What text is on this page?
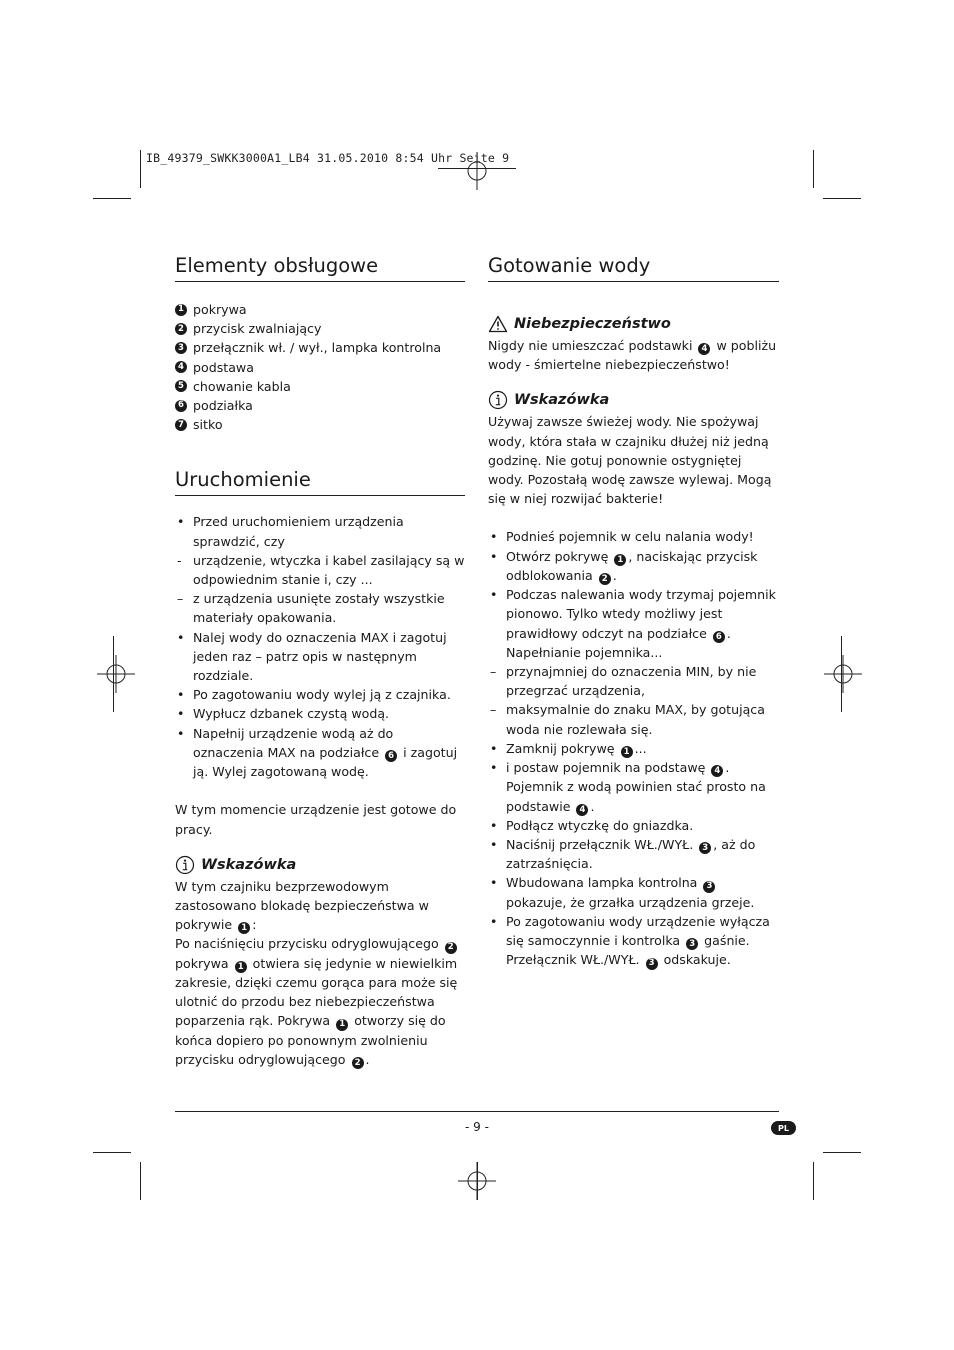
IB_49379_SWKK3000A1_LB4 31.05.2010 8:54 Uhr Seite 9
Elementy obsługowe
1 pokrywa
2 przycisk zwalniający
3 przełącznik wł. / wył., lampka kontrolna
4 podstawa
5 chowanie kabla
6 podziałka
7 sitko
Uruchomienie
• Przed uruchomieniem urządzenia sprawdzić, czy
- urządzenie, wtyczka i kabel zasilający są w odpowiednim stanie i, czy ...
– z urządzenia usunięte zostały wszystkie materiały opakowania.
• Nalej wody do oznaczenia MAX i zagotuj jeden raz – patrz opis w następnym rozdziale.
• Po zagotowaniu wody wylej ją z czajnika.
• Wypłucz dzbanek czystą wodą.
• Napełnij urządzenie wodą aż do oznaczenia MAX na podziałce 6 i zagotuj ją. Wylej zagotowaną wodę.

W tym momencie urządzenie jest gotowe do pracy.

Wskazówka

W tym czajniku bezprzewodowym zastosowano blokadę bezpieczeństwa w pokrywie 1 :
Po naciśnięciu przycisku odryglowującego 2 pokrywa 1 otwiera się jedynie w niewielkim zakresie, dzięki czemu gorąca para może się ulotnić do przodu bez niebezpieczeństwa poparzenia rąk. Pokrywa 1 otworzy się do końca dopiero po ponownym zwolnieniu przycisku odryglowującego 2 .

Gotowanie wody
Niebezpieczeństwo

Nigdy nie umieszczać podstawki 4 w pobliżu wody - śmiertelne niebezpieczeństwo!

Wskazówka

Używaj zawsze świeżej wody. Nie spożywaj wody, która stała w czajniku dłużej niż jedną godzinę. Nie gotuj ponownie ostygniętej wody. Pozostałą wodę zawsze wylewaj. Mogą się w niej rozwijać bakterie!

• Podnieś pojemnik w celu nalania wody!
• Otwórz pokrywę 1 , naciskając przycisk odblokowania 2 .
• Podczas nalewania wody trzymaj pojemnik pionowo. Tylko wtedy możliwy jest prawidłowy odczyt na podziałce 6 .
Napełnianie pojemnika...
– przynajmniej do oznaczenia MIN, by nie przegrzać urządzenia,
– maksymalnie do znaku MAX, by gotująca woda nie rozlewała się.
• Zamknij pokrywę 1 ...
• i postaw pojemnik na podstawę 4 . Pojemnik z wodą powinien stać prosto na podstawie 4 .
• Podłącz wtyczkę do gniazdka.
• Naciśnij przełącznik WŁ./WYŁ. 3 , aż do zatrzaśnięcia.
• Wbudowana lampka kontrolna 3 pokazuje, że grzałka urządzenia grzeje.
• Po zagotowaniu wody urządzenie wyłącza się samoczynnie i kontrolka 3 gaśnie. Przełącznik WŁ./WYŁ. 3 odskakuje.
- 9 -	PL
